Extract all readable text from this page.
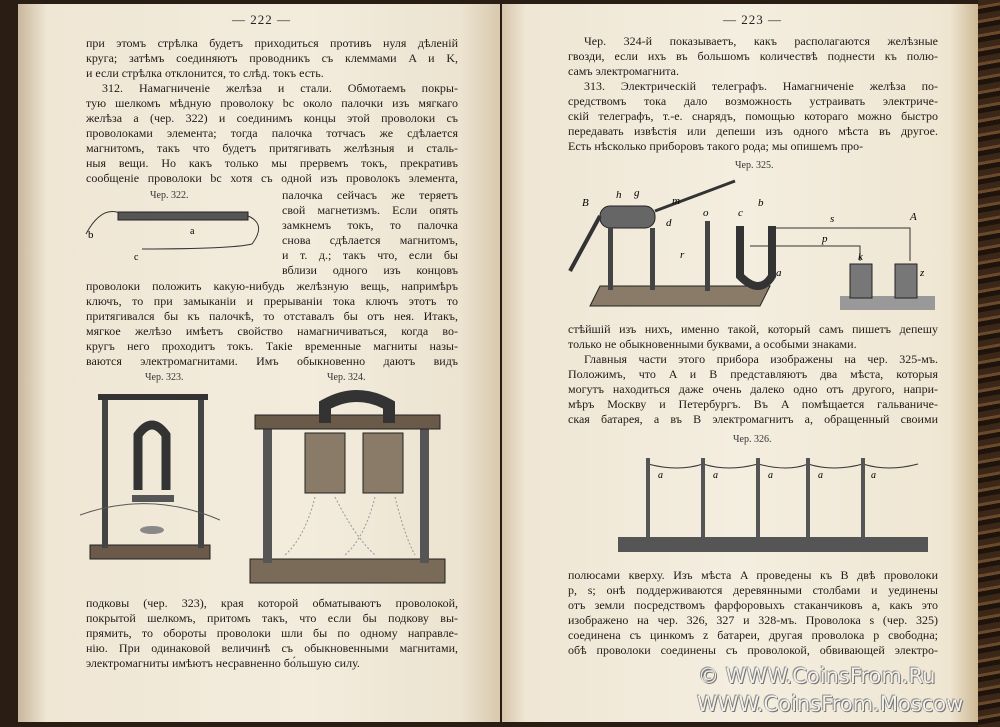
— 222 —
при этомъ стрѣлка будетъ приходиться противъ нуля дѣленій
круга; затѣмъ соединяютъ проводникъ съ клеммами A и K,
и если стрѣлка отклонится, то слѣд. токъ есть.
312. Намагниченіе желѣза и стали. Обмотаемъ покры-
тую шелкомъ мѣдную проволоку bc около палочки изъ мягкаго
желѣза a (чер. 322) и соединимъ концы этой проволоки съ
проволоками элемента; тогда палочка тотчасъ же сдѣлается
магнитомъ, такъ что будетъ притягивать желѣзныя и сталь-
ныя вещи. Но какъ только мы прервемъ токъ, прекративъ
сообщеніе проволоки bc хотя съ одной изъ проволокъ элемента,
Чер. 322.
b	a
c
палочка сейчасъ же теряетъ
свой магнетизмъ. Если опять
замкнемъ токъ, то палочка
снова сдѣлается магнитомъ,
и т. д.; такъ что, если бы
вблизи одного изъ концовъ
проволоки положить какую-нибудь желѣзную вещь, напримѣръ
ключъ, то при замыканіи и прерываніи тока ключъ этотъ то
притягивался бы къ палочкѣ, то отставалъ бы отъ нея. Итакъ,
мягкое желѣзо имѣетъ свойство намагничиваться, когда во-
кругъ него проходитъ токъ. Такіе временные магниты назы-
ваются электромагнитами. Имъ обыкновенно даютъ видъ
Чер. 323.	Чер. 324.
подковы (чер. 323), края которой обматываютъ проволокой,
покрытой шелкомъ, притомъ такъ, что если бы подкову вы-
прямить, то обороты проволоки шли бы по одному направле-
нію. При одинаковой величинѣ съ обыкновенными магнитами,
электромагниты имѣютъ несравненно бо́льшую силу.
— 223 —
Чер. 324-й показываетъ, какъ располагаются желѣзные
гвозди, если ихъ въ большомъ количествѣ поднести къ полю-
самъ электромагнита.
313. Электрическій телеграфъ. Намагниченіе желѣза по-
средствомъ тока дало возможность устраивать электриче-
скій телеграфъ, т.-е. снарядъ, помощью котораго можно быстро
передавать извѣстія или депеши изъ одного мѣста въ другое.
Есть нѣсколько приборовъ такого рода; мы опишемъ про-
Чер. 325.
B
h g
m
d
o	c
b
s	A
r
p
a
k
z
стѣйшій изъ нихъ, именно такой, который самъ пишетъ депешу
только не обыкновенными буквами, а особыми знаками.
Главныя части этого прибора изображены на чер. 325-мъ.
Положимъ, что A и B представляютъ два мѣста, которыя
могутъ находиться даже очень далеко одно отъ другого, напри-
мѣръ Москву и Петербургъ. Въ A помѣщается гальваниче-
ская батарея, а въ B электромагнитъ a, обращенный своими
Чер. 326.
a	a	a	a	a
полюсами кверху. Изъ мѣста A проведены къ B двѣ проволоки
p, s; онѣ поддерживаются деревянными столбами и уединены
отъ земли посредствомъ фарфоровыхъ стаканчиковъ a, какъ это
изображено на чер. 326, 327 и 328-мъ. Проволока s (чер. 325)
соединена съ цинкомъ z батареи, другая проволока p свободна;
обѣ проволоки соединены съ проволокой, обвивающей электро-
© WWW.CoinsFrom.Ru
WWW.CoinsFrom.Moscow
